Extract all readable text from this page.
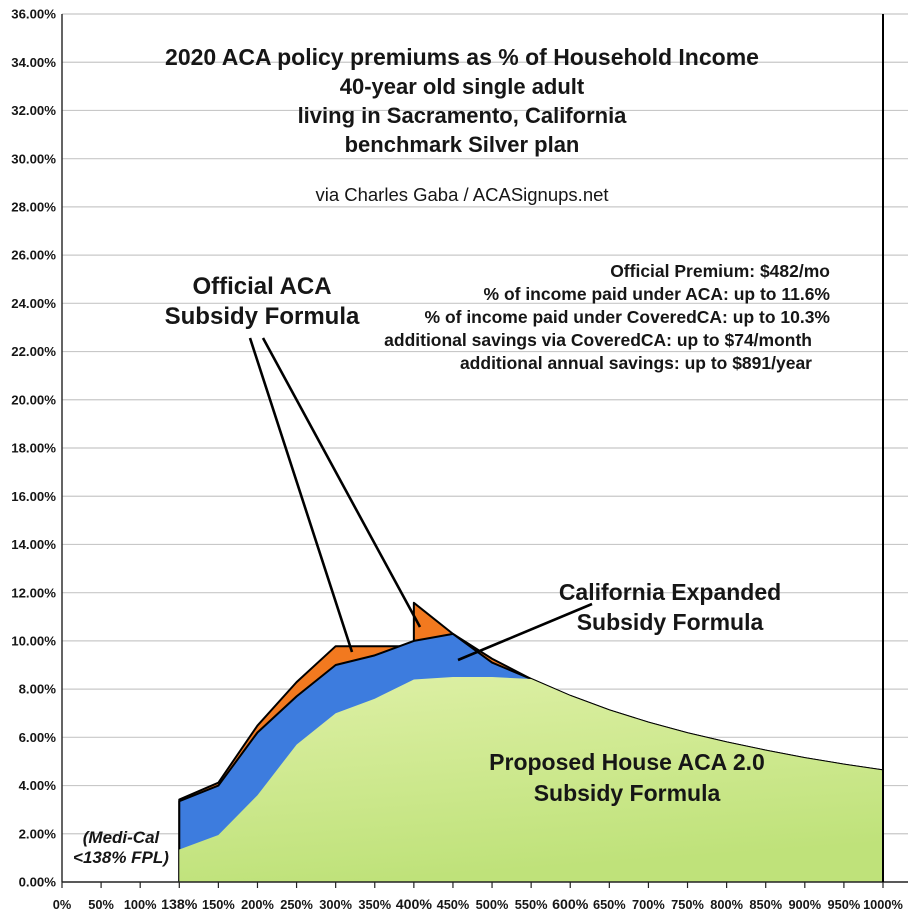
0.00%
2.00%
4.00%
6.00%
8.00%
10.00%
12.00%
14.00%
16.00%
18.00%
20.00%
22.00%
24.00%
26.00%
28.00%
30.00%
32.00%
34.00%
36.00%
0% 50% 100% 138% 150% 200% 250% 300% 350% 400% 450% 500% 550% 600% 650% 700% 750% 800% 850% 900% 950% 1000%
2020 ACA policy premiums as % of Household Income
40-year old single adult
living in Sacramento, California
benchmark Silver plan
via Charles Gaba / ACASignups.net
Official Premium: $482/mo
% of income paid under ACA: up to 11.6%
% of income paid under CoveredCA: up to 10.3%
additional savings via CoveredCA: up to $74/month
additional annual savings: up to $891/year
Official ACA
Subsidy Formula
California Expanded
Subsidy Formula
Proposed House ACA 2.0
Subsidy Formula
(Medi-Cal
<138% FPL)
